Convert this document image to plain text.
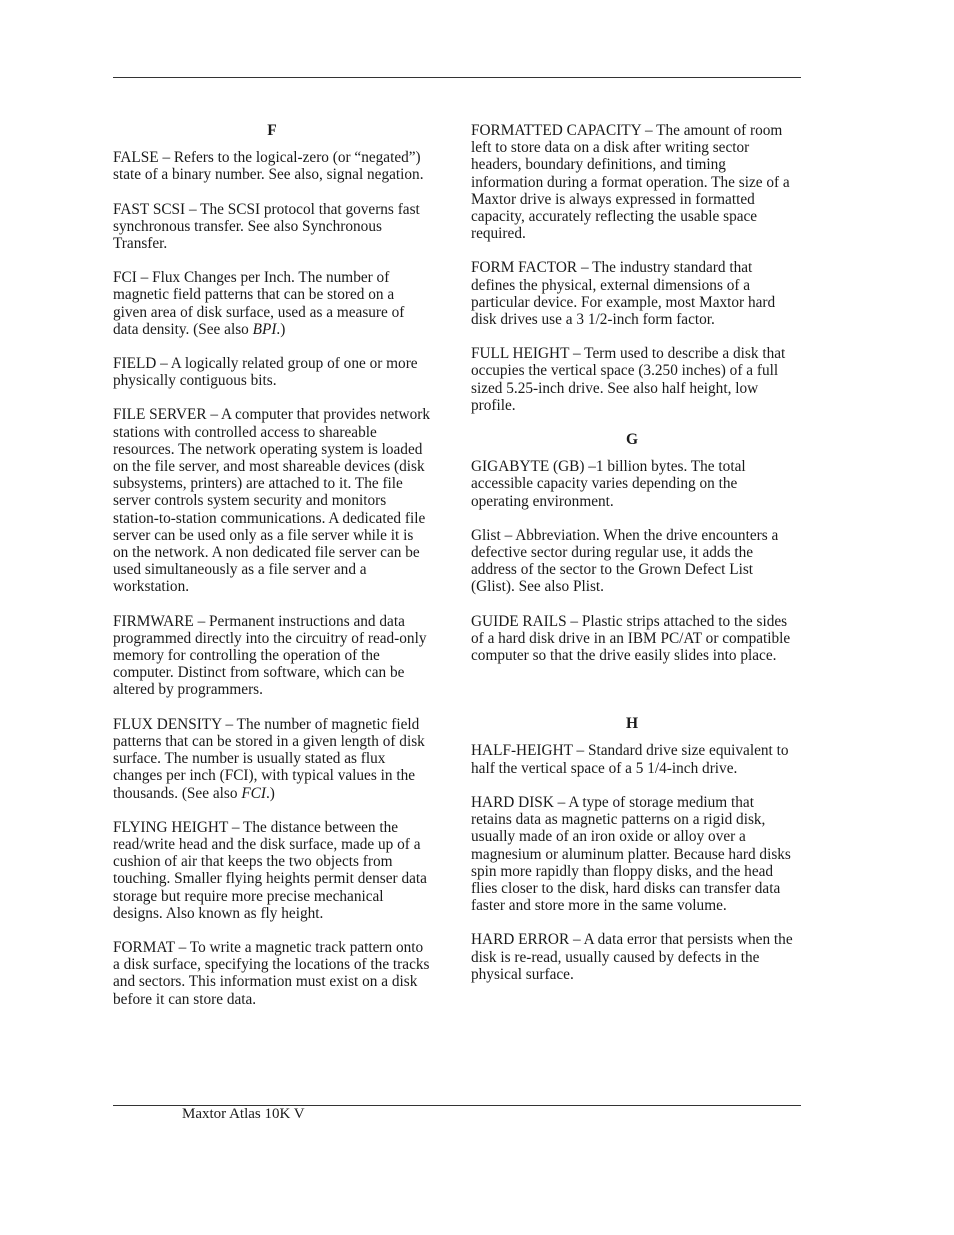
F
FALSE – Refers to the logical-zero (or “negated”) state of a binary number. See also, signal negation.
FAST SCSI – The SCSI protocol that governs fast synchronous transfer. See also Synchronous Transfer.
FCI – Flux Changes per Inch. The number of magnetic field patterns that can be stored on a given area of disk surface, used as a measure of data density. (See also BPI.)
FIELD – A logically related group of one or more physically contiguous bits.
FILE SERVER – A computer that provides network stations with controlled access to shareable resources. The network operating system is loaded on the file server, and most shareable devices (disk subsystems, printers) are attached to it. The file server controls system security and monitors station-to-station communications. A dedicated file server can be used only as a file server while it is on the network. A non dedicated file server can be used simultaneously as a file server and a workstation.
FIRMWARE – Permanent instructions and data programmed directly into the circuitry of read-only memory for controlling the operation of the computer. Distinct from software, which can be altered by programmers.
FLUX DENSITY – The number of magnetic field patterns that can be stored in a given length of disk surface. The number is usually stated as flux changes per inch (FCI), with typical values in the thousands. (See also FCI.)
FLYING HEIGHT – The distance between the read/write head and the disk surface, made up of a cushion of air that keeps the two objects from touching. Smaller flying heights permit denser data storage but require more precise mechanical designs. Also known as fly height.
FORMAT – To write a magnetic track pattern onto a disk surface, specifying the locations of the tracks and sectors. This information must exist on a disk before it can store data.
FORMATTED CAPACITY – The amount of room left to store data on a disk after writing sector headers, boundary definitions, and timing information during a format operation. The size of a Maxtor drive is always expressed in formatted capacity, accurately reflecting the usable space required.
FORM FACTOR – The industry standard that defines the physical, external dimensions of a particular device. For example, most Maxtor hard disk drives use a 3 1/2-inch form factor.
FULL HEIGHT – Term used to describe a disk that occupies the vertical space (3.250 inches) of a full sized 5.25-inch drive. See also half height, low profile.
G
GIGABYTE (GB) –1 billion bytes. The total accessible capacity varies depending on the operating environment.
Glist – Abbreviation. When the drive encounters a defective sector during regular use, it adds the address of the sector to the Grown Defect List (Glist). See also Plist.
GUIDE RAILS – Plastic strips attached to the sides of a hard disk drive in an IBM PC/AT or compatible computer so that the drive easily slides into place.
H
HALF-HEIGHT – Standard drive size equivalent to half the vertical space of a 5 1/4-inch drive.
HARD DISK – A type of storage medium that retains data as magnetic patterns on a rigid disk, usually made of an iron oxide or alloy over a magnesium or aluminum platter. Because hard disks spin more rapidly than floppy disks, and the head flies closer to the disk, hard disks can transfer data faster and store more in the same volume.
HARD ERROR – A data error that persists when the disk is re-read, usually caused by defects in the physical surface.
Maxtor Atlas 10K V
